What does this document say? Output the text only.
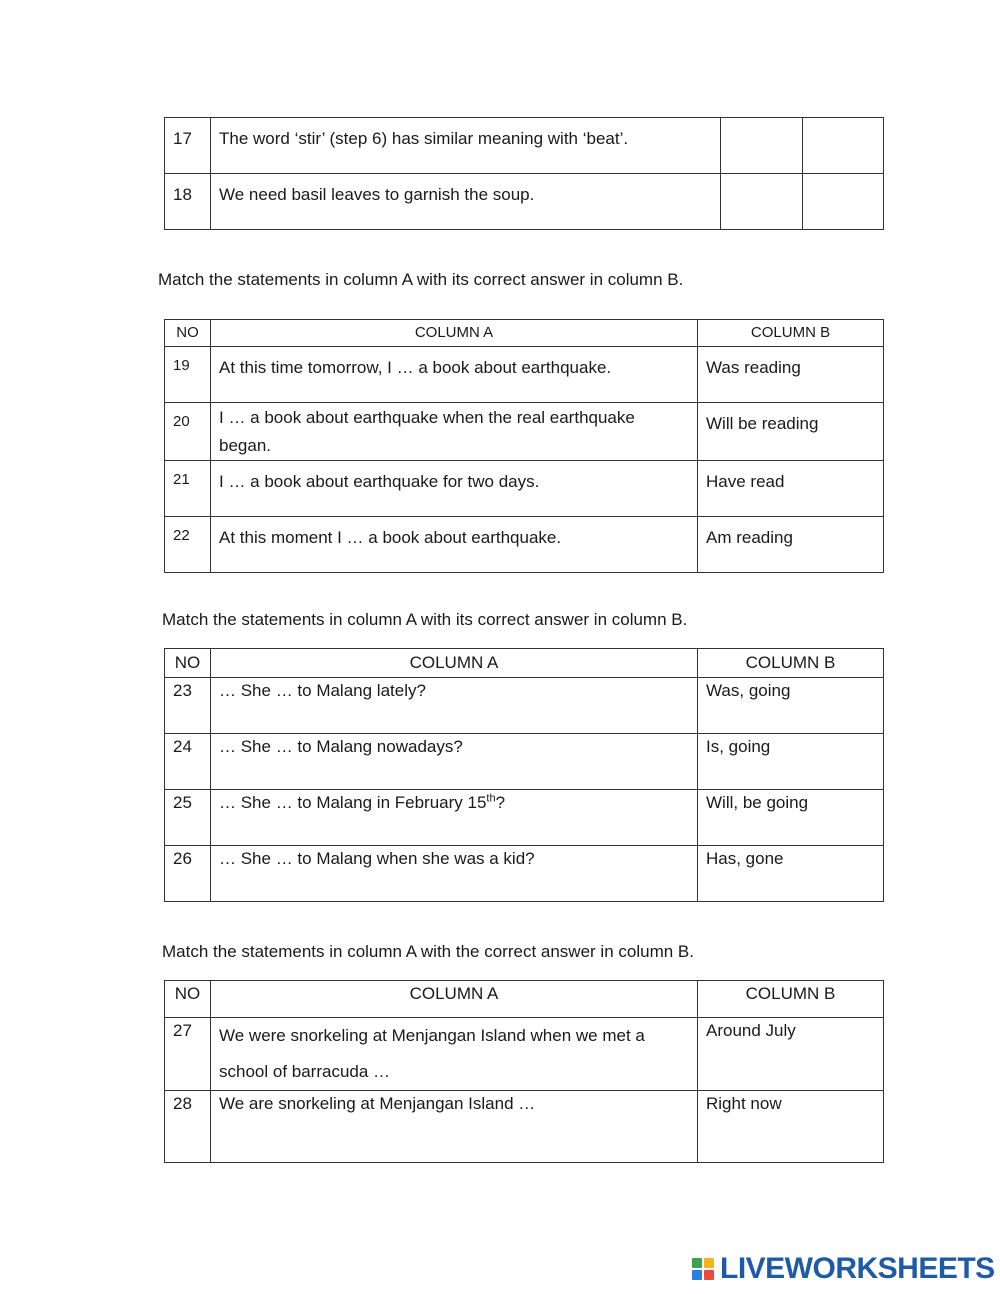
17	The word ‘stir’ (step 6) has similar meaning with ‘beat’.		
18	We need basil leaves to garnish the soup.		

Match the statements in column A with its correct answer in column B.

NO	COLUMN A	COLUMN B
19	At this time tomorrow, I … a book about earthquake.	Was reading
20	I … a book about earthquake when the real earthquake began.	Will be reading
21	I … a book about earthquake for two days.	Have read
22	At this moment I … a book about earthquake.	Am reading

Match the statements in column A with its correct answer in column B.

NO	COLUMN A	COLUMN B
23	… She … to Malang lately?	Was, going
24	… She … to Malang nowadays?	Is, going
25	… She … to Malang in February 15th?	Will, be going
26	… She … to Malang when she was a kid?	Has, gone

Match the statements in column A with the correct answer in column B.

NO	COLUMN A	COLUMN B
27	We were snorkeling at Menjangan Island when we met a school of barracuda …	Around July
28	We are snorkeling at Menjangan Island …	Right now
LIVEWORKSHEETS
